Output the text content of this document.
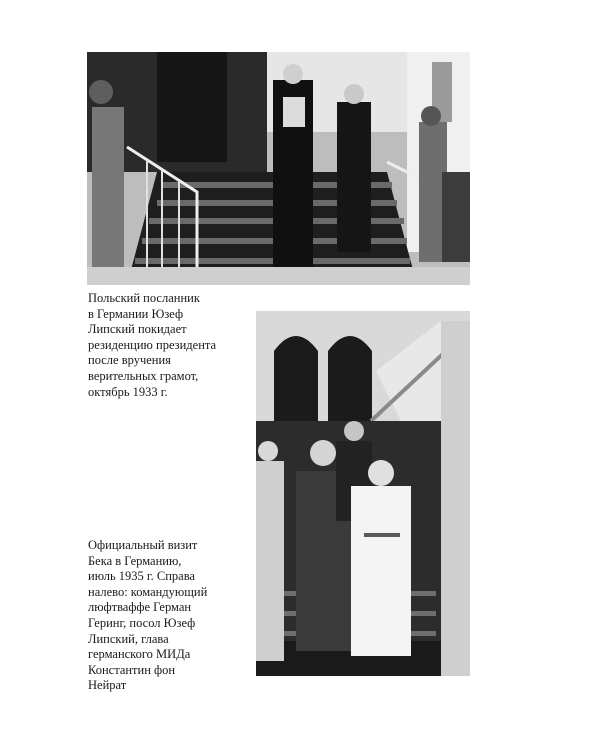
Польский посланник
в Германии Юзеф
Липский покидает
резиденцию президента
после вручения
верительных грамот,
октябрь 1933 г.
Официальный визит
Бека в Германию,
июль 1935 г. Справа
налево: командующий
люфтваффе Герман
Геринг, посол Юзеф
Липский, глава
германского МИДа
Константин фон
Нейрат
